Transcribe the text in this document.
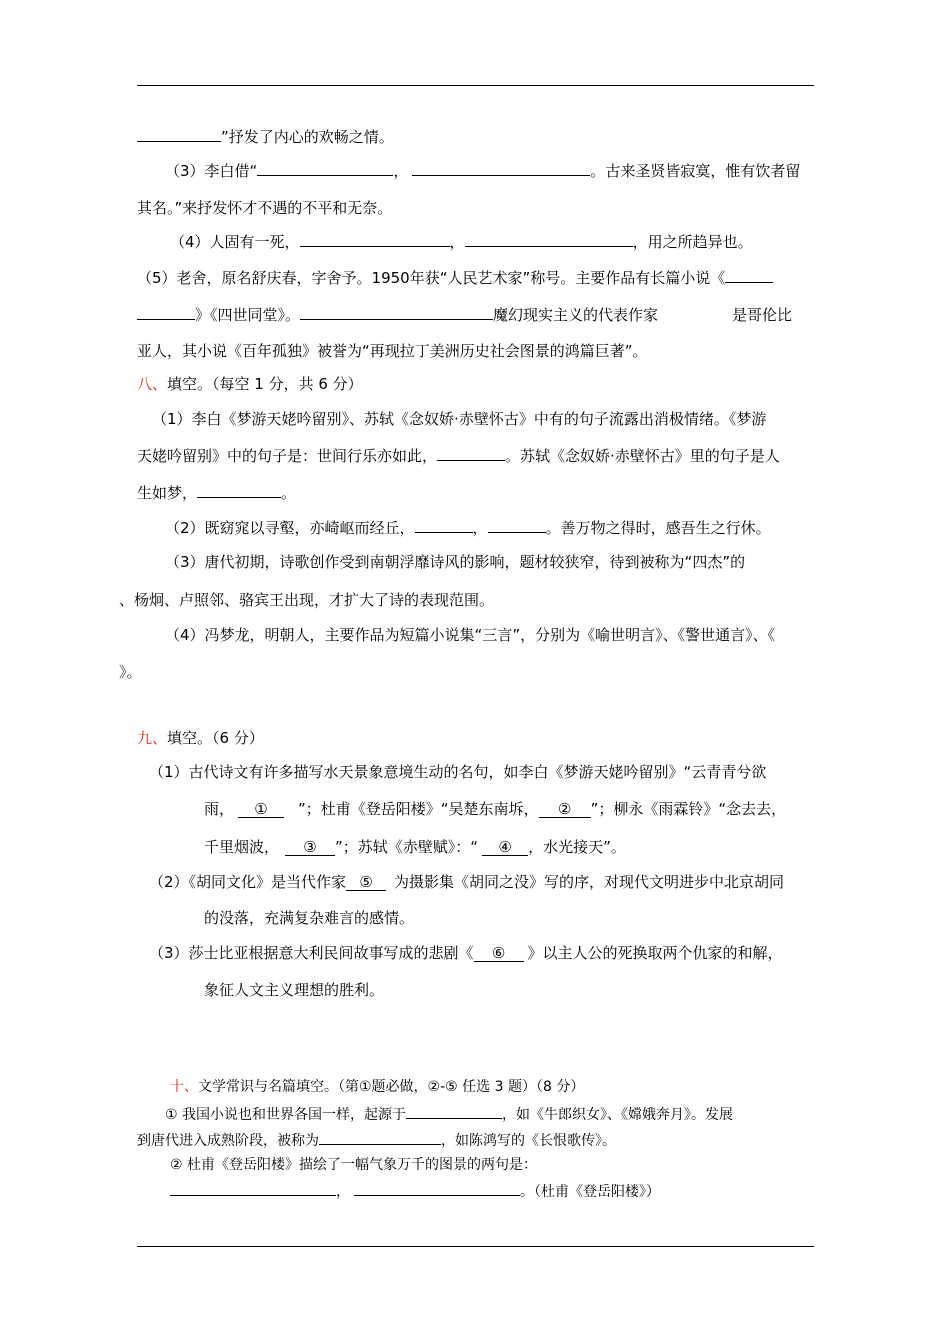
”抒发了内心的欢畅之情。
（3）李白借“	，	。古来圣贤皆寂寞，惟有饮者留
其名。”来抒发怀才不遇的不平和无奈。
（4）人固有一死，	，	，用之所趋异也。
（5）老舍，原名舒庆春，字舍予。1950年获“人民艺术家”称号。主要作品有长篇小说《
》《四世同堂》。	魔幻现实主义的代表作家	是哥伦比
亚人，其小说《百年孤独》被誉为“再现拉丁美洲历史社会图景的鸿篇巨著”。
八、填空。（每空 1 分，共 6 分）
（1）李白《梦游天姥吟留别》、苏轼《念奴娇·赤壁怀古》中有的句子流露出消极情绪。《梦游
天姥吟留别》中的句子是：世间行乐亦如此，	。苏轼《念奴娇·赤壁怀古》里的句子是人
生如梦，	。
（2）既窈窕以寻壑，亦崎岖而经丘，	，	。善万物之得时，感吾生之行休。
（3）唐代初期，诗歌创作受到南朝浮靡诗风的影响，题材较狭窄，待到被称为“四杰”的
、杨炯、卢照邻、骆宾王出现，才扩大了诗的表现范围。
（4）冯梦龙，明朝人，主要作品为短篇小说集“三言”，分别为《喻世明言》、《警世通言》、《
》。
九、填空。（6 分）
（1）古代诗文有许多描写水天景象意境生动的名句，如李白《梦游天姥吟留别》“云青青兮欲
雨， ① ”；杜甫《登岳阳楼》“吴楚东南坼， ② ”；柳永《雨霖铃》“念去去，
千里烟波， ③ ”；苏轼《赤壁赋》：“ ④ ，水光接天”。
（2）《胡同文化》是当代作家 ⑤ 为摄影集《胡同之没》写的序，对现代文明进步中北京胡同
的没落，充满复杂难言的感情。
（3）莎士比亚根据意大利民间故事写成的悲剧《 ⑥ 》以主人公的死换取两个仇家的和解，
象征人文主义理想的胜利。
十、文学常识与名篇填空。（第①题必做，②-⑤ 任选 3 题）（8 分）
① 我国小说也和世界各国一样，起源于	，如《牛郎织女》、《嫦娥奔月》。发展
到唐代进入成熟阶段，被称为	，如陈鸿写的《长恨歌传》。
② 杜甫《登岳阳楼》描绘了一幅气象万千的图景的两句是：
，	。（杜甫《登岳阳楼》）
